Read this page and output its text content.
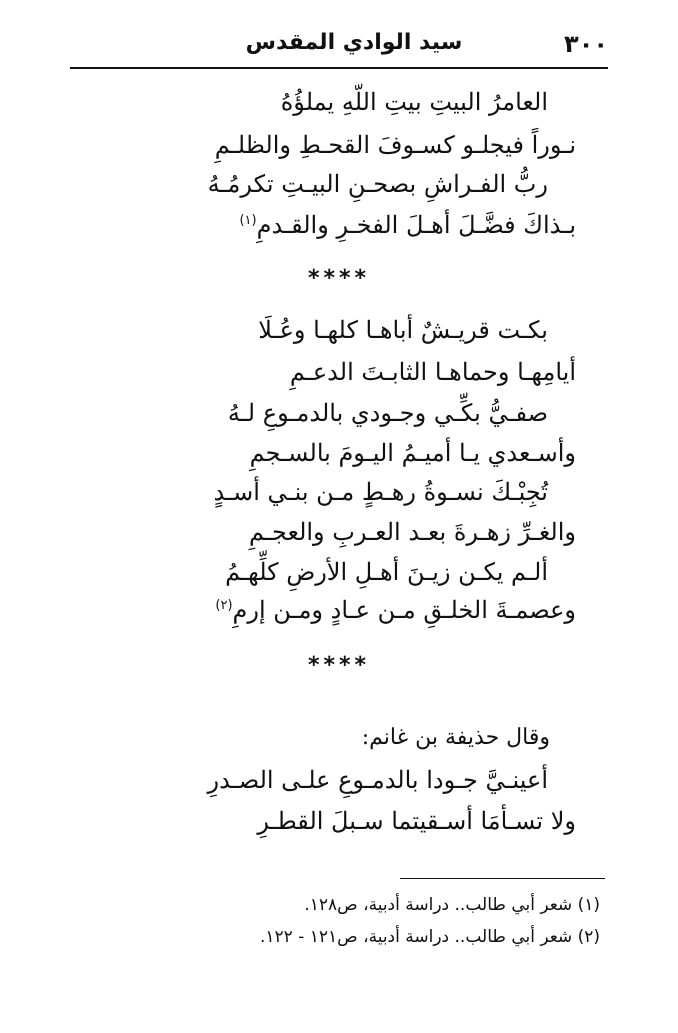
٣٠٠
سيد الوادي المقدس
العامرُ البيتِ بيتِ اللّهِ يملؤُهُ
نـوراً فيجلـو كسـوفَ القحـطِ والظلـمِ
ربُّ الفـراشِ بصحـنِ البيـتِ تكرمُـهُ
بـذاكَ فضَّـلَ أهـلَ الفخـرِ والقـدمِ$^{(١)}$
****
بكـت قريـشٌ أباهـا كلهـا وعُـلَا
أيامِهـا وحماهـا الثابـتَ الدعـمِ
صفـيُّ بكِّـي وجـودي بالدمـوعِ لـهُ
وأسـعدي يـا أميـمُ اليـومَ بالسـجمِ
تُجِبْـكَ نسـوةُ رهـطٍ مـن بنـي أسـدٍ
والغـرِّ زهـرةَ بعـد العـربِ والعجـمِ
ألـم يكـن زيـنَ أهـلِ الأرضِ كلِّهـمُ
وعصمـةَ الخلـقِ مـن عـادٍ ومـن إرمِ$^{(٢)}$
****
وقال حذيفة بن غانم:
أعينـيَّ جـودا بالدمـوعِ علـى الصـدرِ
ولا تسـأمَا أسـقيتما سـبلَ القطـرِ
(١) شعر أبي طالب.. دراسة أدبية، ص١٢٨.
(٢) شعر أبي طالب.. دراسة أدبية، ص١٢١ - ١٢٢.
